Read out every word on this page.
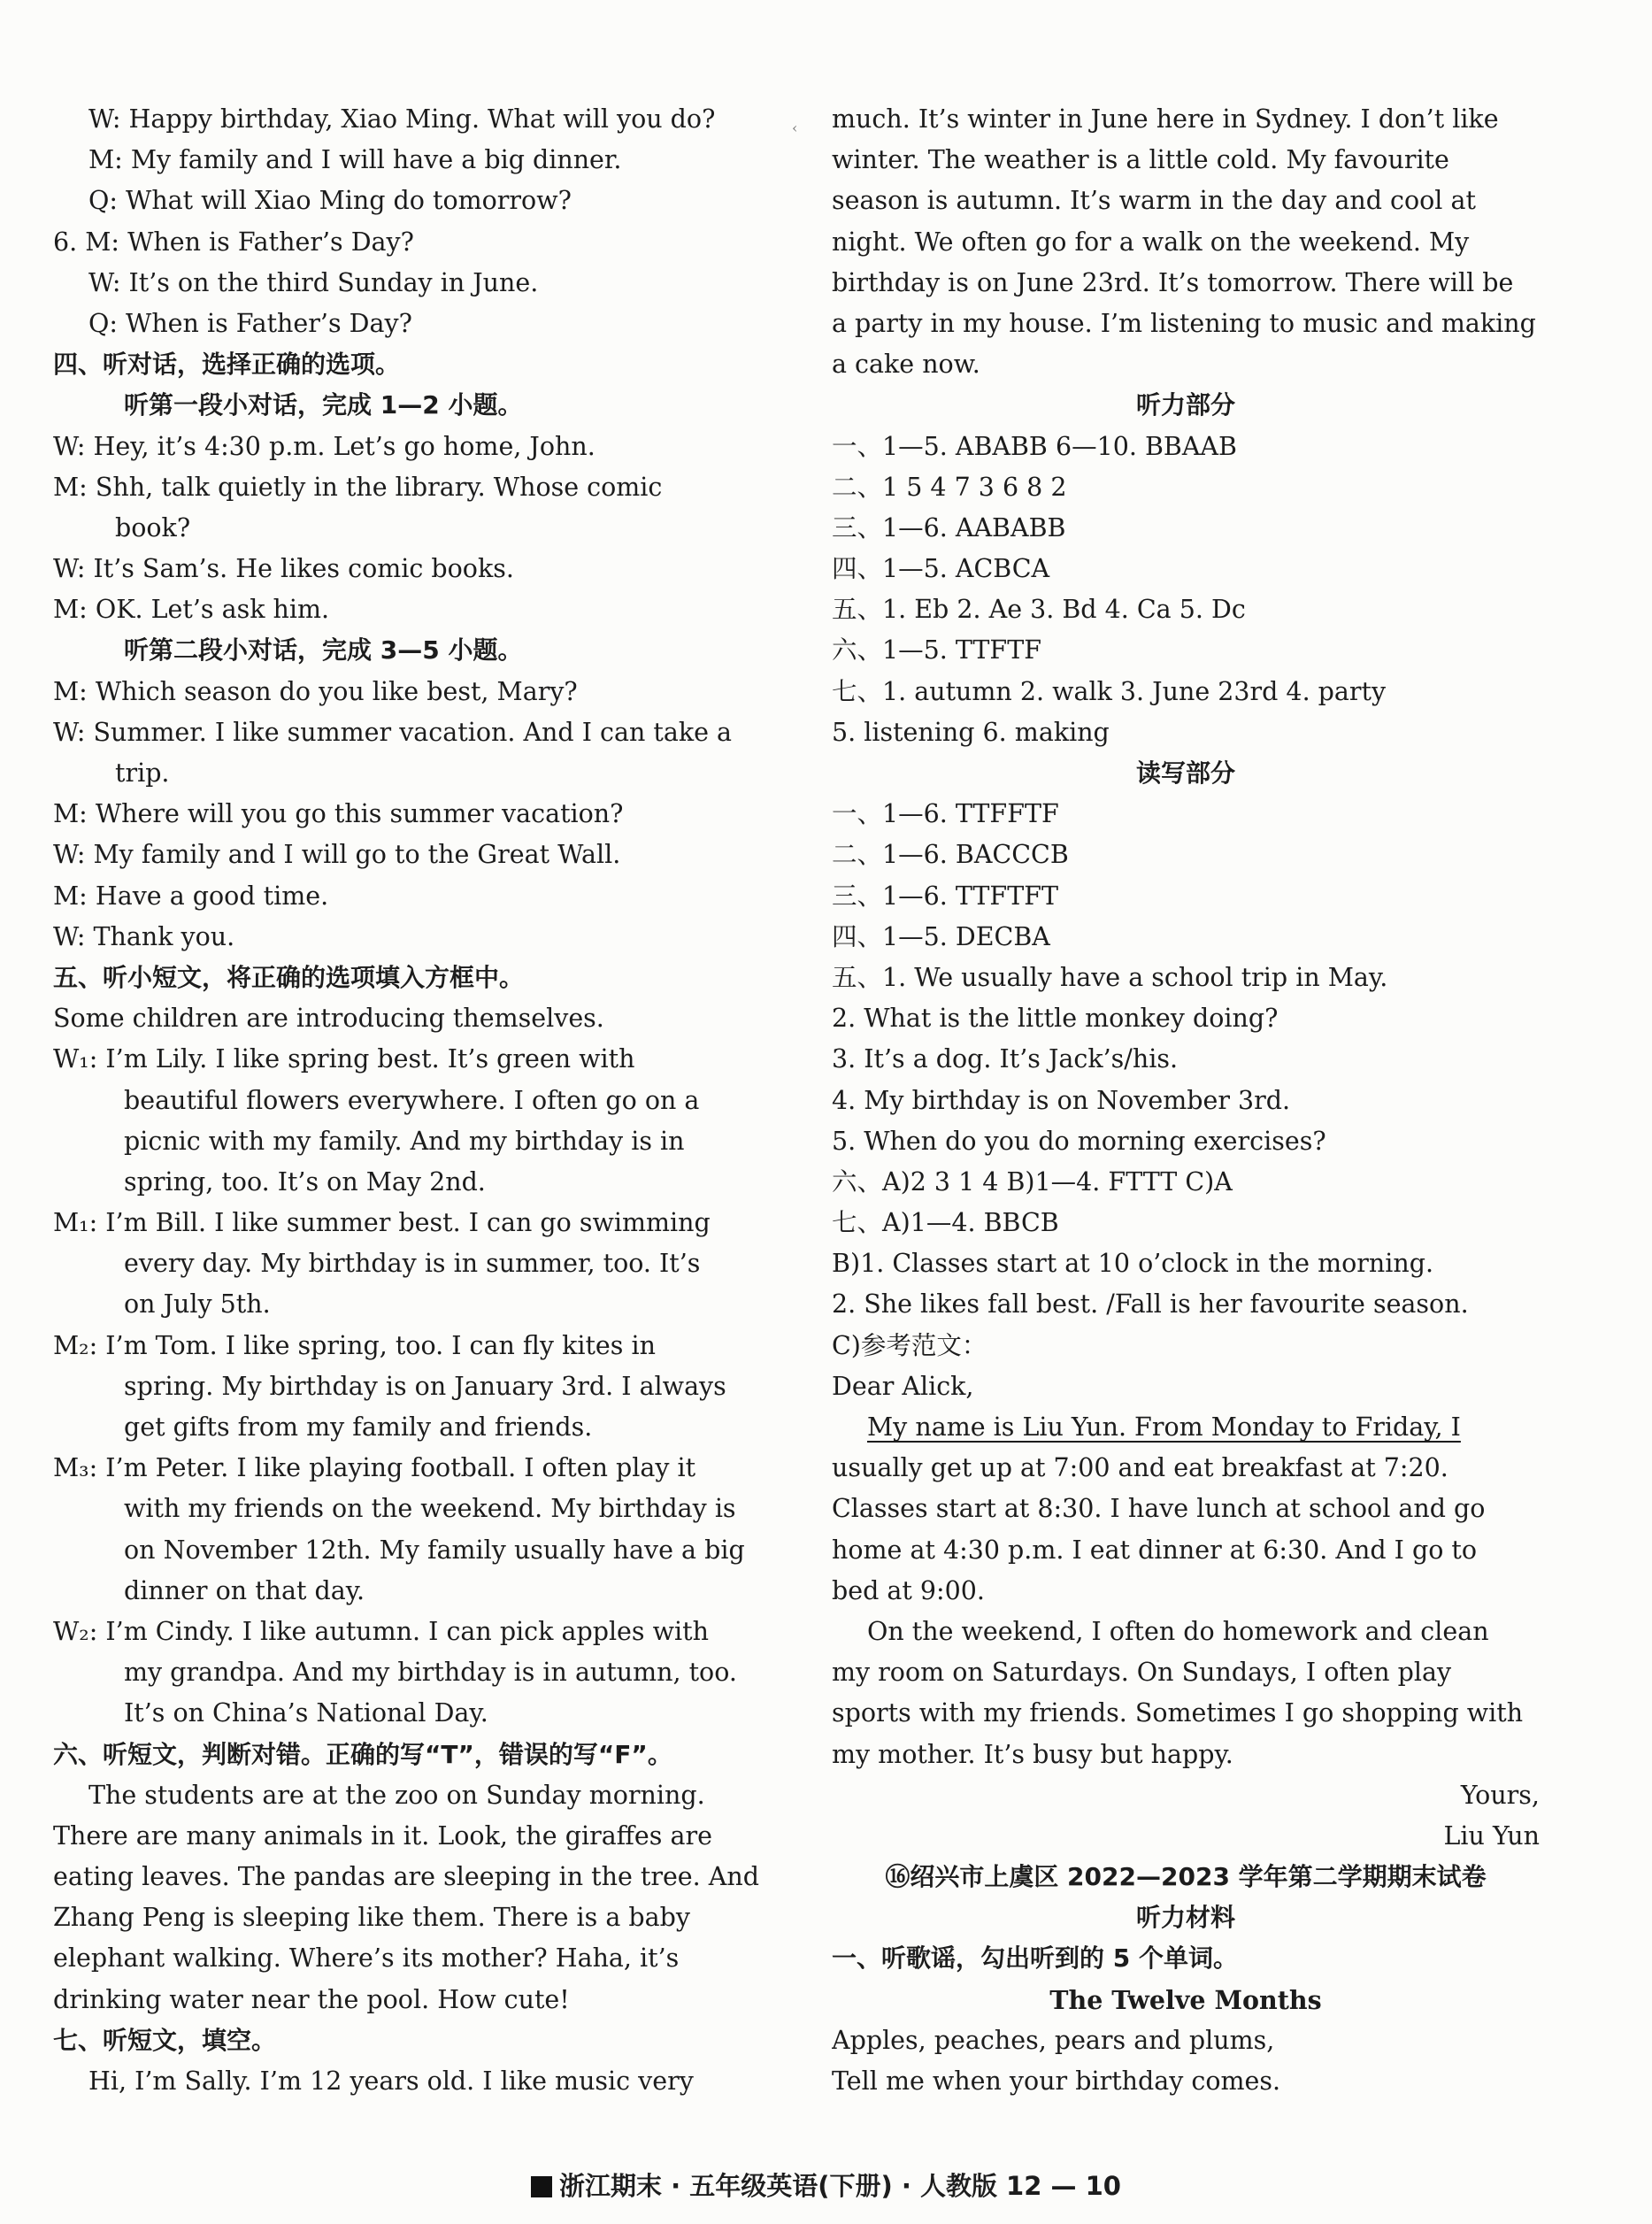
W: Happy birthday, Xiao Ming. What will you do?
M: My family and I will have a big dinner.
Q: What will Xiao Ming do tomorrow?
6. M: When is Father’s Day?
W: It’s on the third Sunday in June.
Q: When is Father’s Day?
四、听对话，选择正确的选项。
听第一段小对话，完成 1—2 小题。
W: Hey, it’s 4:30 p.m. Let’s go home, John.
M: Shh, talk quietly in the library. Whose comic
book?
W: It’s Sam’s. He likes comic books.
M: OK. Let’s ask him.
听第二段小对话，完成 3—5 小题。
M: Which season do you like best, Mary?
W: Summer. I like summer vacation. And I can take a
trip.
M: Where will you go this summer vacation?
W: My family and I will go to the Great Wall.
M: Have a good time.
W: Thank you.
五、听小短文，将正确的选项填入方框中。
Some children are introducing themselves.
W₁: I’m Lily. I like spring best. It’s green with
beautiful flowers everywhere. I often go on a
picnic with my family. And my birthday is in
spring, too. It’s on May 2nd.
M₁: I’m Bill. I like summer best. I can go swimming
every day. My birthday is in summer, too. It’s
on July 5th.
M₂: I’m Tom. I like spring, too. I can fly kites in
spring. My birthday is on January 3rd. I always
get gifts from my family and friends.
M₃: I’m Peter. I like playing football. I often play it
with my friends on the weekend. My birthday is
on November 12th. My family usually have a big
dinner on that day.
W₂: I’m Cindy. I like autumn. I can pick apples with
my grandpa. And my birthday is in autumn, too.
It’s on China’s National Day.
六、听短文，判断对错。正确的写“T”，错误的写“F”。
The students are at the zoo on Sunday morning.
There are many animals in it. Look, the giraffes are
eating leaves. The pandas are sleeping in the tree. And
Zhang Peng is sleeping like them. There is a baby
elephant walking. Where’s its mother? Haha, it’s
drinking water near the pool. How cute!
七、听短文，填空。
Hi, I’m Sally. I’m 12 years old. I like music very
‹ much. It’s winter in June here in Sydney. I don’t like
winter. The weather is a little cold. My favourite
season is autumn. It’s warm in the day and cool at
night. We often go for a walk on the weekend. My
birthday is on June 23rd. It’s tomorrow. There will be
a party in my house. I’m listening to music and making
a cake now.
听力部分
一、1—5. ABABB 6—10. BBAAB
二、1 5 4 7 3 6 8 2
三、1—6. AABABB
四、1—5. ACBCA
五、1. Eb 2. Ae 3. Bd 4. Ca 5. Dc
六、1—5. TTFTF
七、1. autumn 2. walk 3. June 23rd 4. party
5. listening 6. making
读写部分
一、1—6. TTFFTF
二、1—6. BACCCB
三、1—6. TTFTFT
四、1—5. DECBA
五、1. We usually have a school trip in May.
2. What is the little monkey doing?
3. It’s a dog. It’s Jack’s/his.
4. My birthday is on November 3rd.
5. When do you do morning exercises?
六、A)2 3 1 4 B)1—4. FTTT C)A
七、A)1—4. BBCB
B)1. Classes start at 10 o’clock in the morning.
2. She likes fall best. /Fall is her favourite season.
C)参考范文：
Dear Alick,
My name is Liu Yun. From Monday to Friday, I
usually get up at 7:00 and eat breakfast at 7:20.
Classes start at 8:30. I have lunch at school and go
home at 4:30 p.m. I eat dinner at 6:30. And I go to
bed at 9:00.
On the weekend, I often do homework and clean
my room on Saturdays. On Sundays, I often play
sports with my friends. Sometimes I go shopping with
my mother. It’s busy but happy.
Yours,
Liu Yun
⑯绍兴市上虞区 2022—2023 学年第二学期期末试卷
听力材料
一、听歌谣，勾出听到的 5 个单词。
The Twelve Months
Apples, peaches, pears and plums,
Tell me when your birthday comes.
浙江期末 · 五年级英语(下册) · 人教版 12 — 10
